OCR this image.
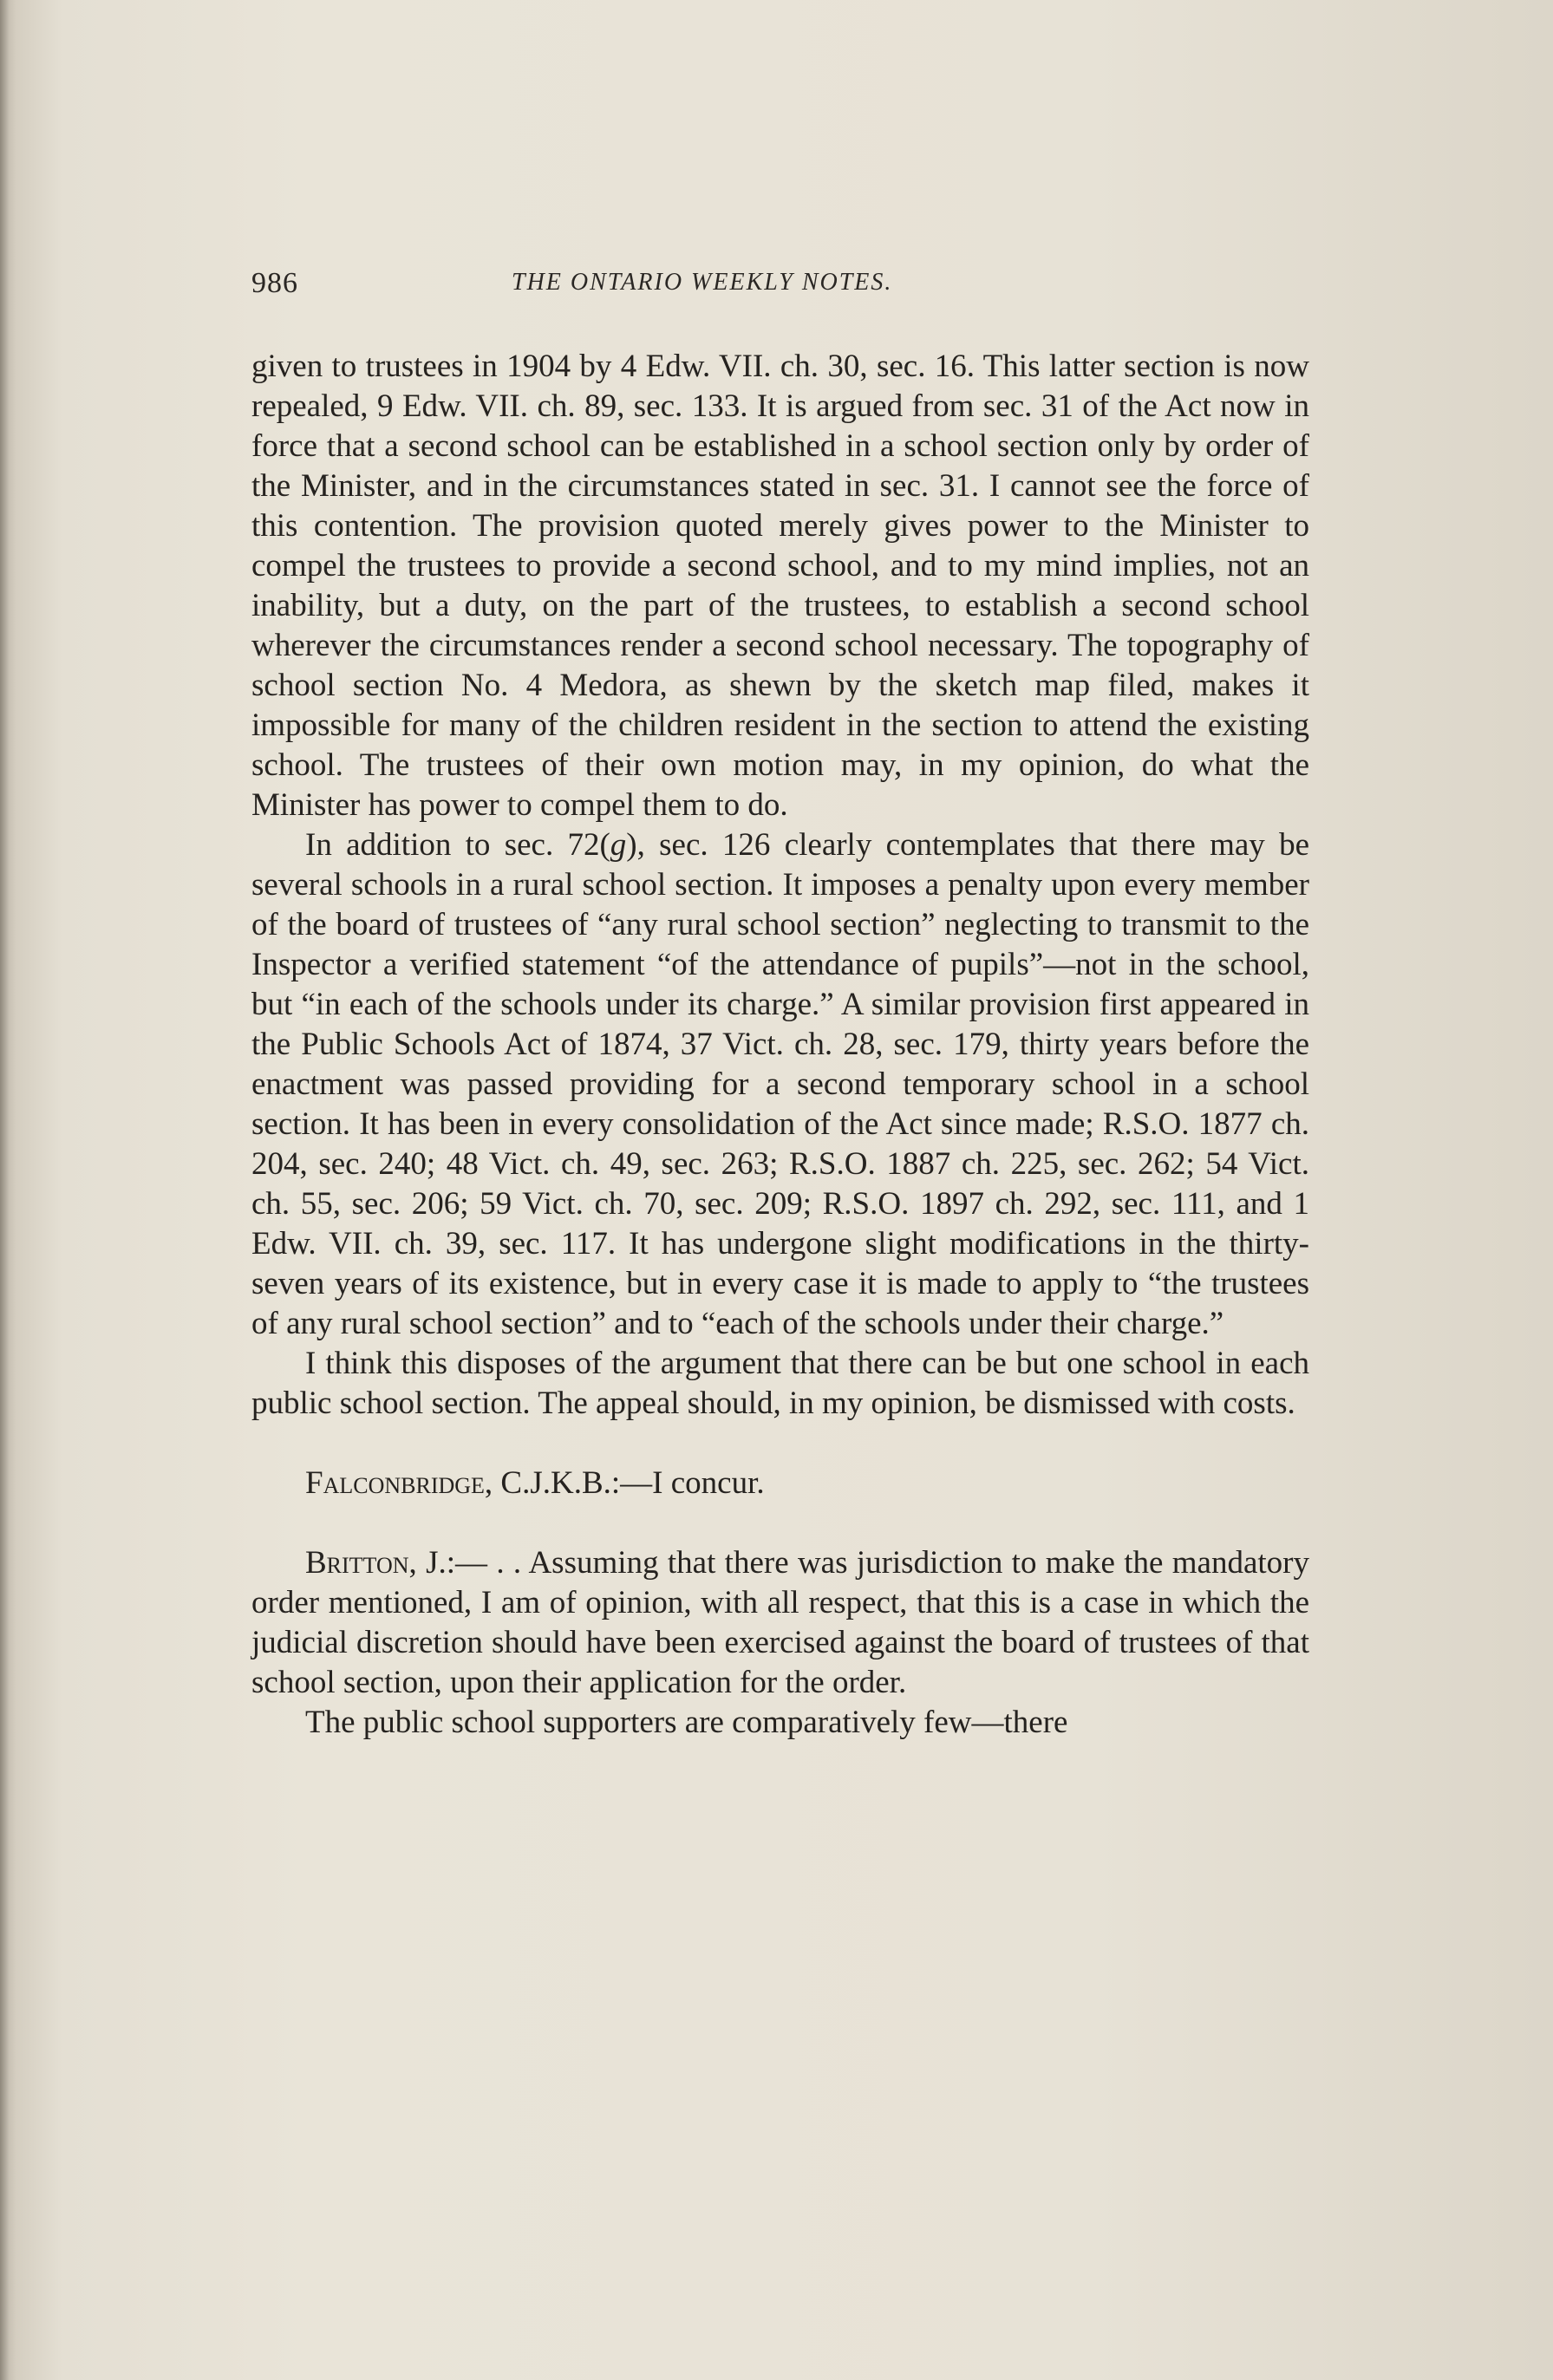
986	THE ONTARIO WEEKLY NOTES.

given to trustees in 1904 by 4 Edw. VII. ch. 30, sec. 16. This latter section is now repealed, 9 Edw. VII. ch. 89, sec. 133. It is argued from sec. 31 of the Act now in force that a second school can be established in a school section only by order of the Minister, and in the circumstances stated in sec. 31. I cannot see the force of this contention. The provision quoted merely gives power to the Minister to compel the trustees to provide a second school, and to my mind implies, not an inability, but a duty, on the part of the trustees, to establish a second school wherever the circumstances render a second school necessary. The topography of school section No. 4 Medora, as shewn by the sketch map filed, makes it impossible for many of the children resident in the section to attend the existing school. The trustees of their own motion may, in my opinion, do what the Minister has power to compel them to do.

In addition to sec. 72(g), sec. 126 clearly contemplates that there may be several schools in a rural school section. It imposes a penalty upon every member of the board of trustees of “any rural school section” neglecting to transmit to the Inspector a verified statement “of the attendance of pupils”—not in the school, but “in each of the schools under its charge.” A similar provision first appeared in the Public Schools Act of 1874, 37 Vict. ch. 28, sec. 179, thirty years before the enactment was passed providing for a second temporary school in a school section. It has been in every consolidation of the Act since made; R.S.O. 1877 ch. 204, sec. 240; 48 Vict. ch. 49, sec. 263; R.S.O. 1887 ch. 225, sec. 262; 54 Vict. ch. 55, sec. 206; 59 Vict. ch. 70, sec. 209; R.S.O. 1897 ch. 292, sec. 111, and 1 Edw. VII. ch. 39, sec. 117. It has undergone slight modifications in the thirty-seven years of its existence, but in every case it is made to apply to “the trustees of any rural school section” and to “each of the schools under their charge.”

I think this disposes of the argument that there can be but one school in each public school section. The appeal should, in my opinion, be dismissed with costs.

Falconbridge, C.J.K.B.:—I concur.

Britton, J.:— . . Assuming that there was jurisdiction to make the mandatory order mentioned, I am of opinion, with all respect, that this is a case in which the judicial discretion should have been exercised against the board of trustees of that school section, upon their application for the order.

The public school supporters are comparatively few—there
